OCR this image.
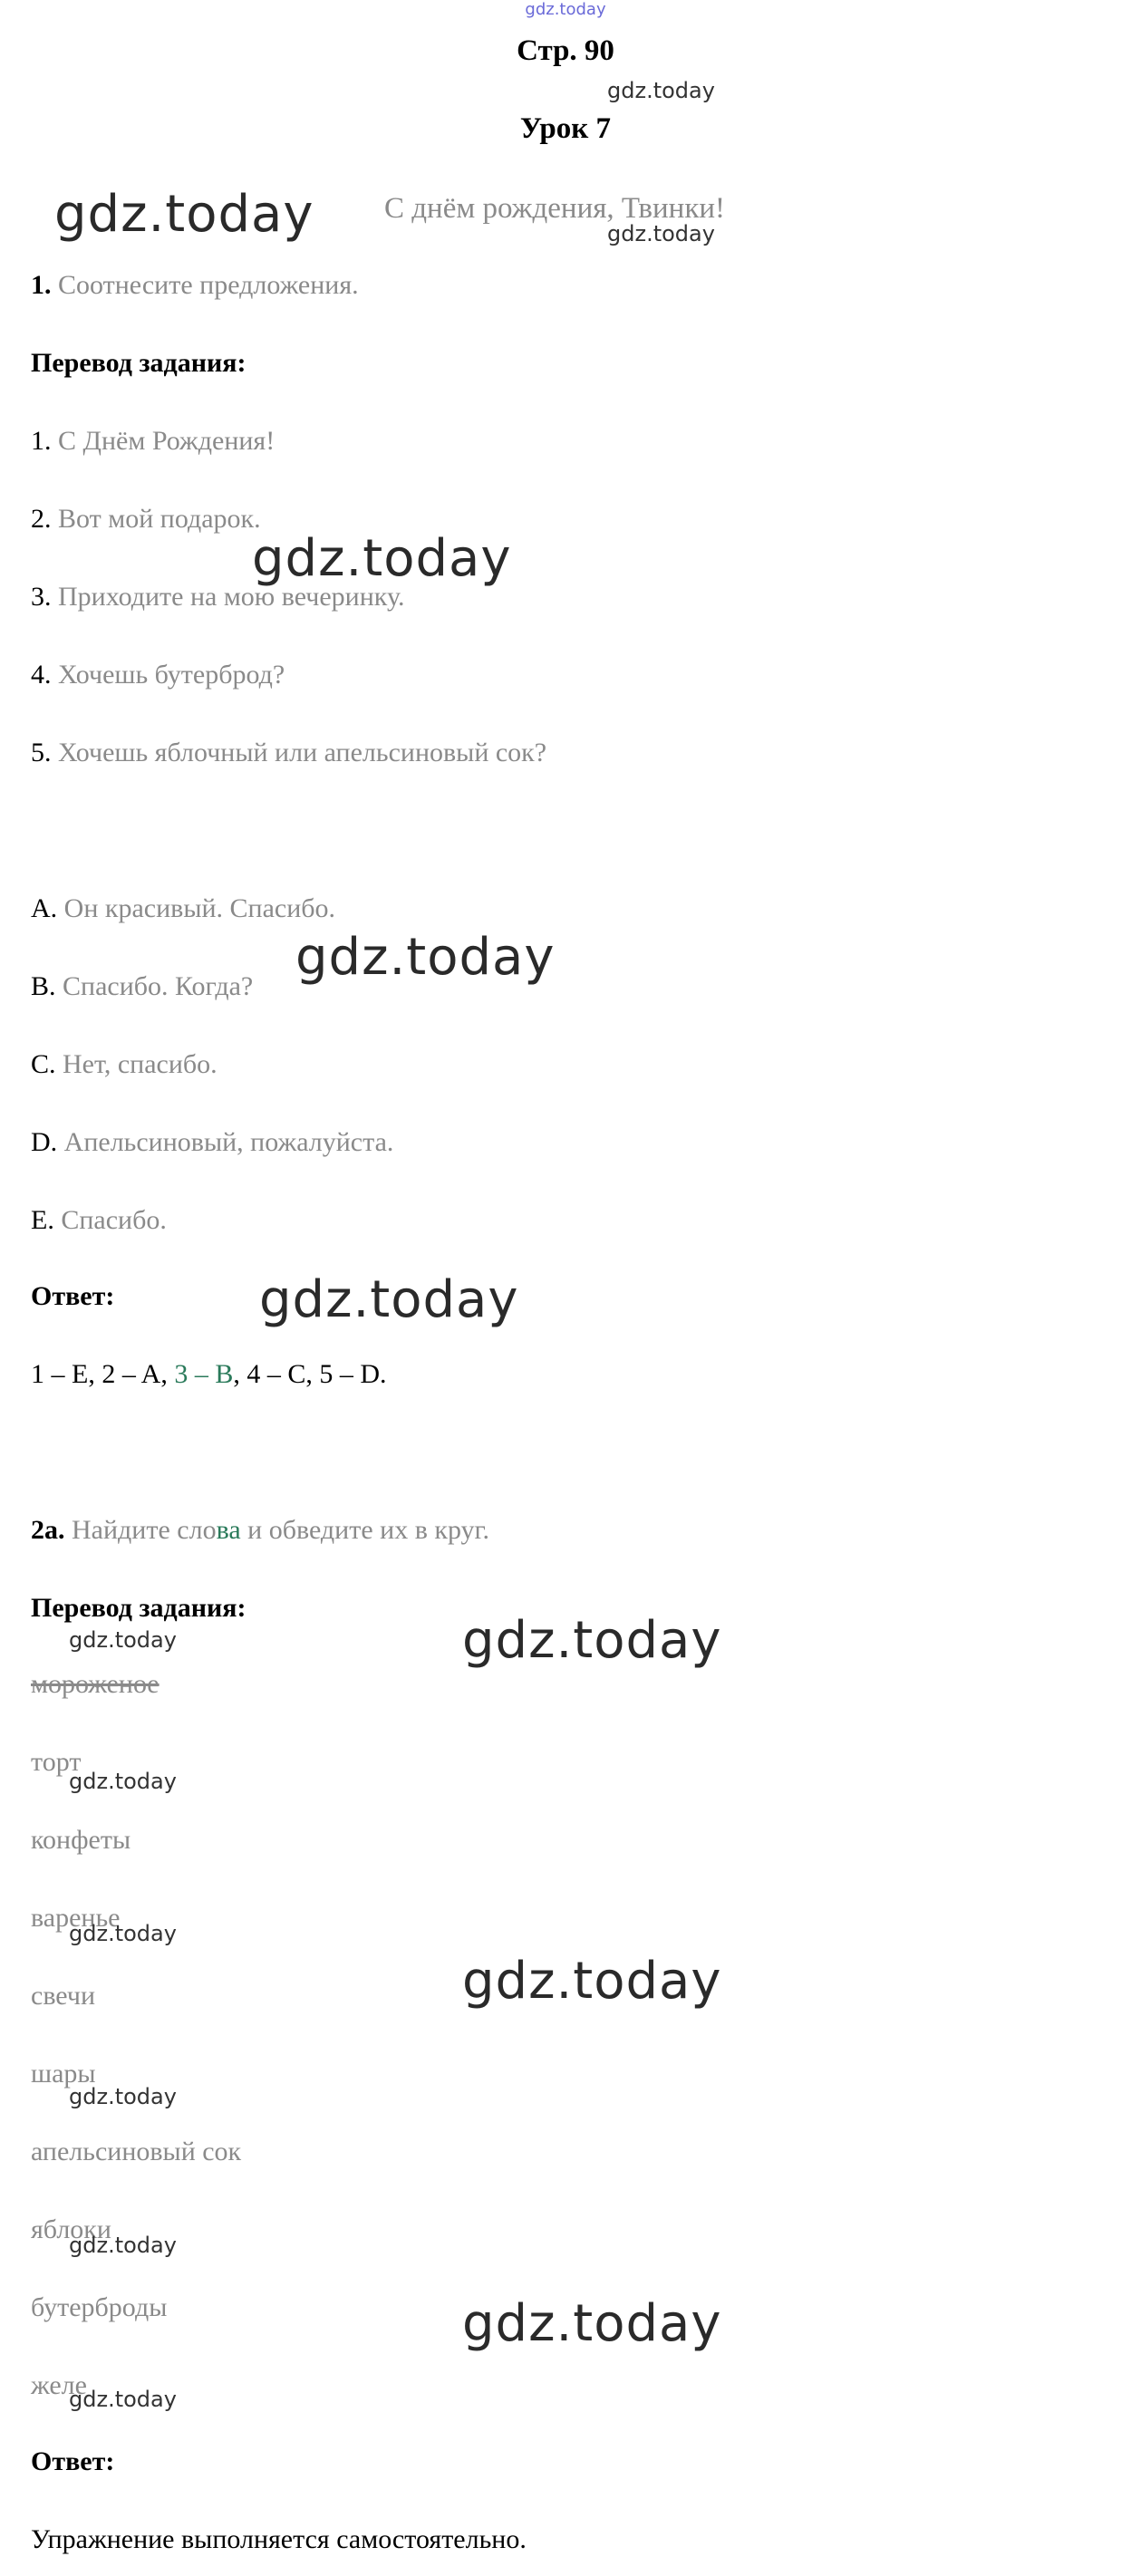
gdz.today
Стр. 90
gdz.today
Урок 7
gdz.today С днём рождения, Твинки!
gdz.today
1. Соотнесите предложения.
Перевод задания:
1. С Днём Рождения!
2. Вот мой подарок.
gdz.today
3. Приходите на мою вечеринку.
4. Хочешь бутерброд?
5. Хочешь яблочный или апельсиновый сок?
A. Он красивый. Спасибо.
B. Спасибо. Когда? gdz.today
C. Нет, спасибо.
D. Апельсиновый, пожалуйста.
E. Спасибо.
Ответ:	gdz.today
1 – E, 2 – A, 3 – B, 4 – C, 5 – D.
2a. Найдите слова и обведите их в круг.
Перевод задания:
gdz.today	gdz.today
мороженое
торт
gdz.today
конфеты
варенье
gdz.today
gdz.today
свечи
шары
gdz.today
апельсиновый сок
яблоки
gdz.today
бутерброды	gdz.today
желе
gdz.today
Ответ:
Упражнение выполняется самостоятельно.
